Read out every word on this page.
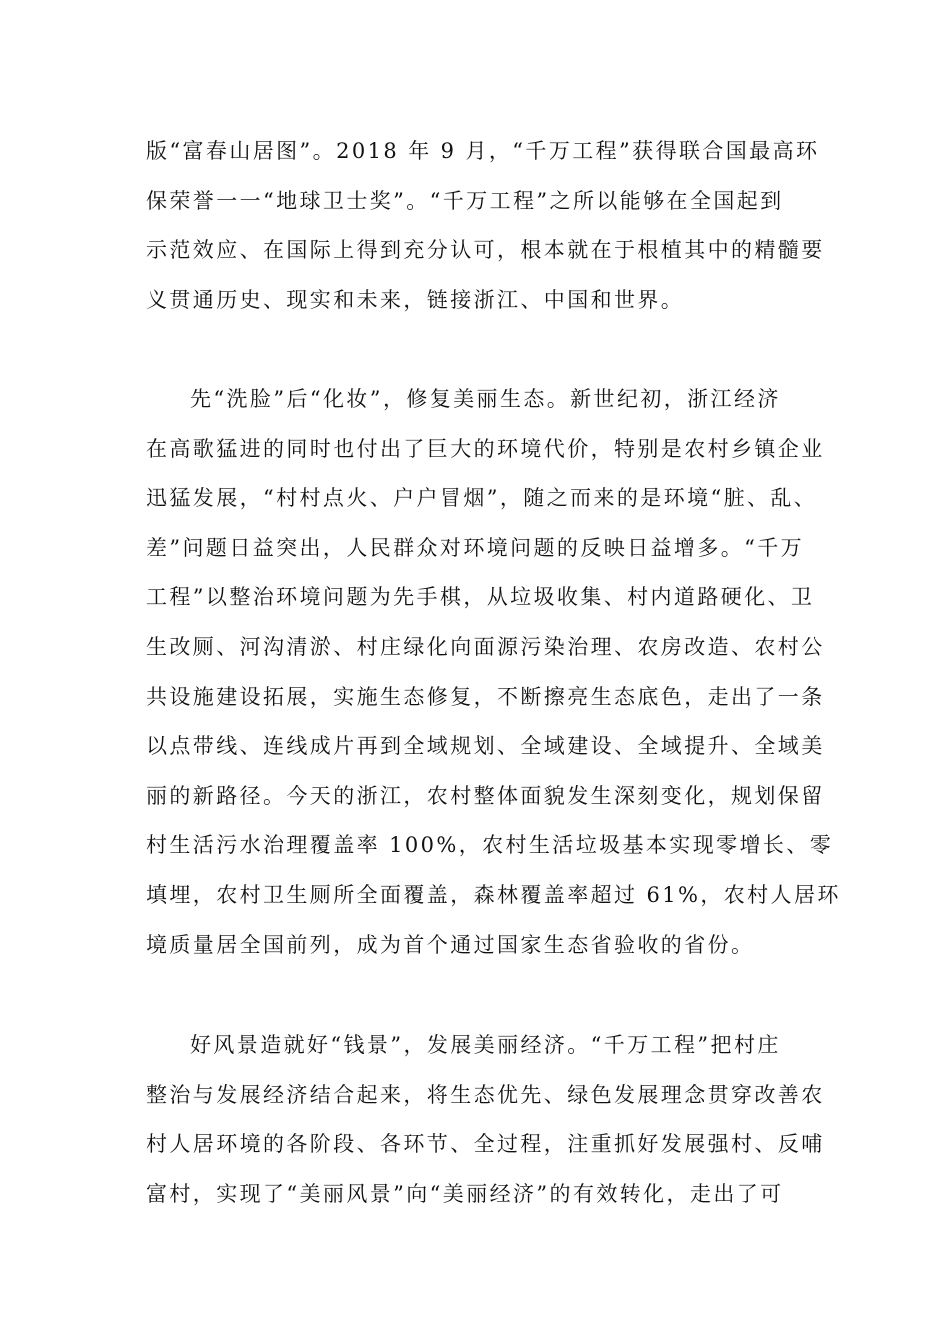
版“富春山居图”。2018 年 9 月，“千万工程”获得联合国最高环
保荣誉一一“地球卫士奖”。“千万工程”之所以能够在全国起到
示范效应、在国际上得到充分认可，根本就在于根植其中的精髓要
义贯通历史、现实和未来，链接浙江、中国和世界。
先“洗脸”后“化妆”，修复美丽生态。新世纪初，浙江经济
在高歌猛进的同时也付出了巨大的环境代价，特别是农村乡镇企业
迅猛发展，“村村点火、户户冒烟”，随之而来的是环境“脏、乱、
差”问题日益突出，人民群众对环境问题的反映日益增多。“千万
工程”以整治环境问题为先手棋，从垃圾收集、村内道路硬化、卫
生改厕、河沟清淤、村庄绿化向面源污染治理、农房改造、农村公
共设施建设拓展，实施生态修复，不断擦亮生态底色，走出了一条
以点带线、连线成片再到全域规划、全域建设、全域提升、全域美
丽的新路径。今天的浙江，农村整体面貌发生深刻变化，规划保留
村生活污水治理覆盖率 100%，农村生活垃圾基本实现零增长、零
填埋，农村卫生厕所全面覆盖，森林覆盖率超过 61%，农村人居环
境质量居全国前列，成为首个通过国家生态省验收的省份。
好风景造就好“钱景”，发展美丽经济。“千万工程”把村庄
整治与发展经济结合起来，将生态优先、绿色发展理念贯穿改善农
村人居环境的各阶段、各环节、全过程，注重抓好发展强村、反哺
富村，实现了“美丽风景”向“美丽经济”的有效转化，走出了可
